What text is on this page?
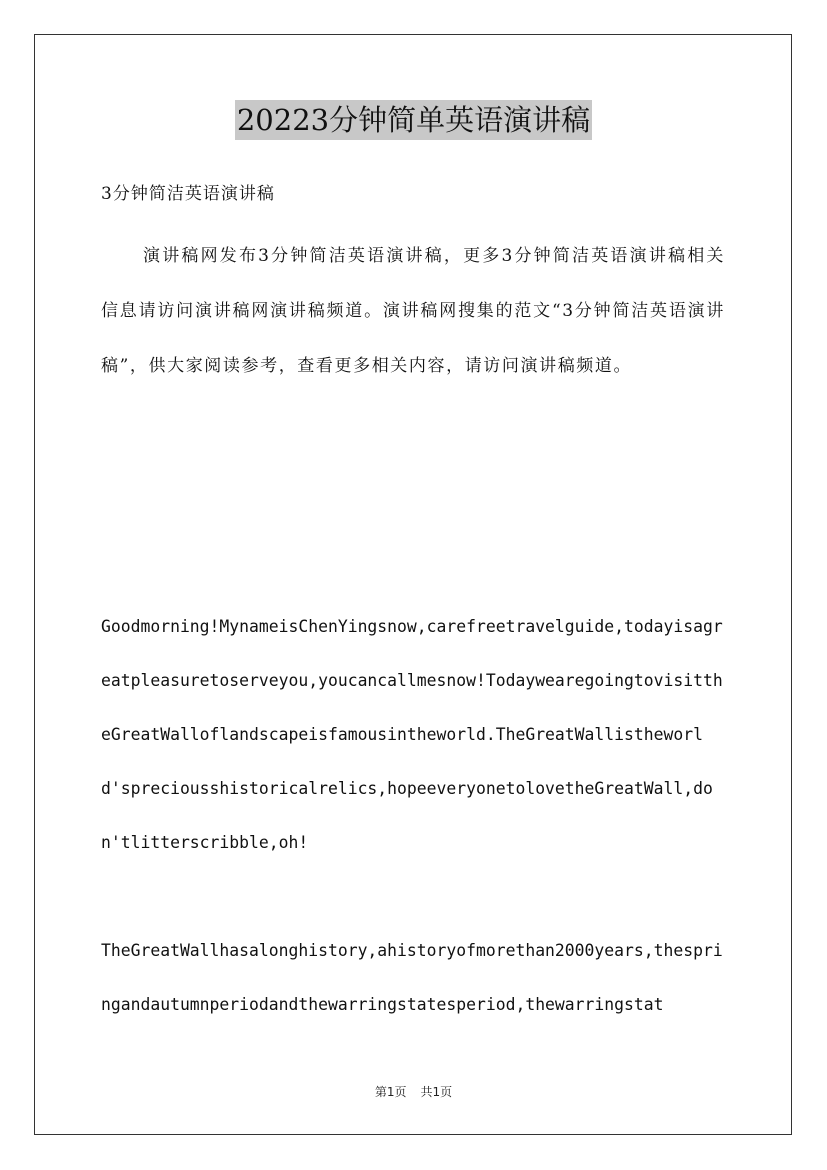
20223分钟简单英语演讲稿
3分钟简洁英语演讲稿

演讲稿网发布3分钟简洁英语演讲稿，更多3分钟简洁英语演讲稿相关信息请访问演讲稿网演讲稿频道。演讲稿网搜集的范文“3分钟简洁英语演讲稿”，供大家阅读参考，查看更多相关内容，请访问演讲稿频道。

Goodmorning!MynameisChenYingsnow,carefreetravelguide,todayisagreatpleasuretoserveyou,youcancallmesnow!TodaywearegoingtovisittheGreatWalloflandscapeisfamousintheworld.TheGreatWallistheworld'spreciousshistoricalrelics,hopeeveryonetolovetheGreatWall,don'tlitterscribble,oh!

TheGreatWallhasalonghistory,ahistoryofmorethan2000years,thespringandautumnperiodandthewarringstatesperiod,thewarringstat

第1页 共1页
